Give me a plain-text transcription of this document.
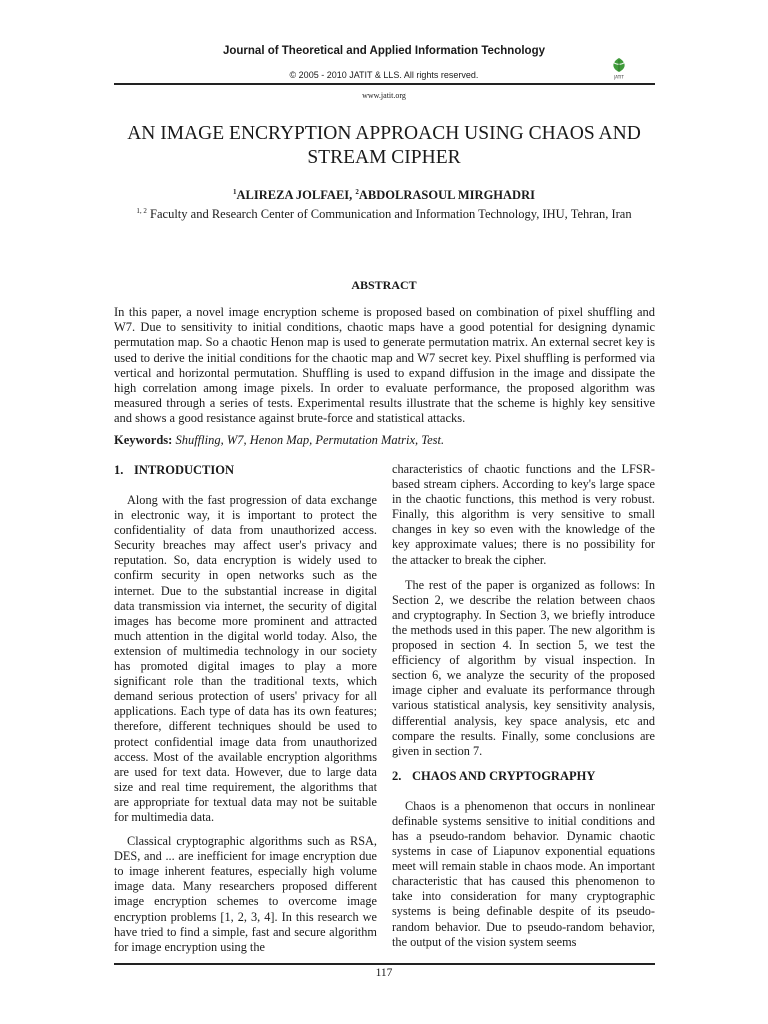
Journal of Theoretical and Applied Information Technology
© 2005 - 2010 JATIT & LLS. All rights reserved.	JATIT
www.jatit.org
AN IMAGE ENCRYPTION APPROACH USING CHAOS AND STREAM CIPHER
$^1$ALIREZA JOLFAEI, $^2$ABDOLRASOUL MIRGHADRI
$^{1, 2}$ Faculty and Research Center of Communication and Information Technology, IHU, Tehran, Iran
ABSTRACT

In this paper, a novel image encryption scheme is proposed based on combination of pixel shuffling and W7. Due to sensitivity to initial conditions, chaotic maps have a good potential for designing dynamic permutation map. So a chaotic Henon map is used to generate permutation matrix. An external secret key is used to derive the initial conditions for the chaotic map and W7 secret key. Pixel shuffling is performed via vertical and horizontal permutation. Shuffling is used to expand diffusion in the image and dissipate the high correlation among image pixels. In order to evaluate performance, the proposed algorithm was measured through a series of tests. Experimental results illustrate that the scheme is highly key sensitive and shows a good resistance against brute-force and statistical attacks.

Keywords: Shuffling, W7, Henon Map, Permutation Matrix, Test.
1. INTRODUCTION

Along with the fast progression of data exchange in electronic way, it is important to protect the confidentiality of data from unauthorized access. Security breaches may affect user's privacy and reputation. So, data encryption is widely used to confirm security in open networks such as the internet. Due to the substantial increase in digital data transmission via internet, the security of digital images has become more prominent and attracted much attention in the digital world today. Also, the extension of multimedia technology in our society has promoted digital images to play a more significant role than the traditional texts, which demand serious protection of users' privacy for all applications. Each type of data has its own features; therefore, different techniques should be used to protect confidential image data from unauthorized access. Most of the available encryption algorithms are used for text data. However, due to large data size and real time requirement, the algorithms that are appropriate for textual data may not be suitable for multimedia data.

Classical cryptographic algorithms such as RSA, DES, and ... are inefficient for image encryption due to image inherent features, especially high volume image data. Many researchers proposed different image encryption schemes to overcome image encryption problems [1, 2, 3, 4]. In this research we have tried to find a simple, fast and secure algorithm for image encryption using the

characteristics of chaotic functions and the LFSR-based stream ciphers. According to key's large space in the chaotic functions, this method is very robust. Finally, this algorithm is very sensitive to small changes in key so even with the knowledge of the key approximate values; there is no possibility for the attacker to break the cipher.

The rest of the paper is organized as follows: In Section 2, we describe the relation between chaos and cryptography. In Section 3, we briefly introduce the methods used in this paper. The new algorithm is proposed in section 4. In section 5, we test the efficiency of algorithm by visual inspection. In section 6, we analyze the security of the proposed image cipher and evaluate its performance through various statistical analysis, key sensitivity analysis, differential analysis, key space analysis, etc and compare the results. Finally, some conclusions are given in section 7.

2. CHAOS AND CRYPTOGRAPHY

Chaos is a phenomenon that occurs in nonlinear definable systems sensitive to initial conditions and has a pseudo-random behavior. Dynamic chaotic systems in case of Liapunov exponential equations meet will remain stable in chaos mode. An important characteristic that has caused this phenomenon to take into consideration for many cryptographic systems is being definable despite of its pseudo-random behavior. Due to pseudo-random behavior, the output of the vision system seems

117
